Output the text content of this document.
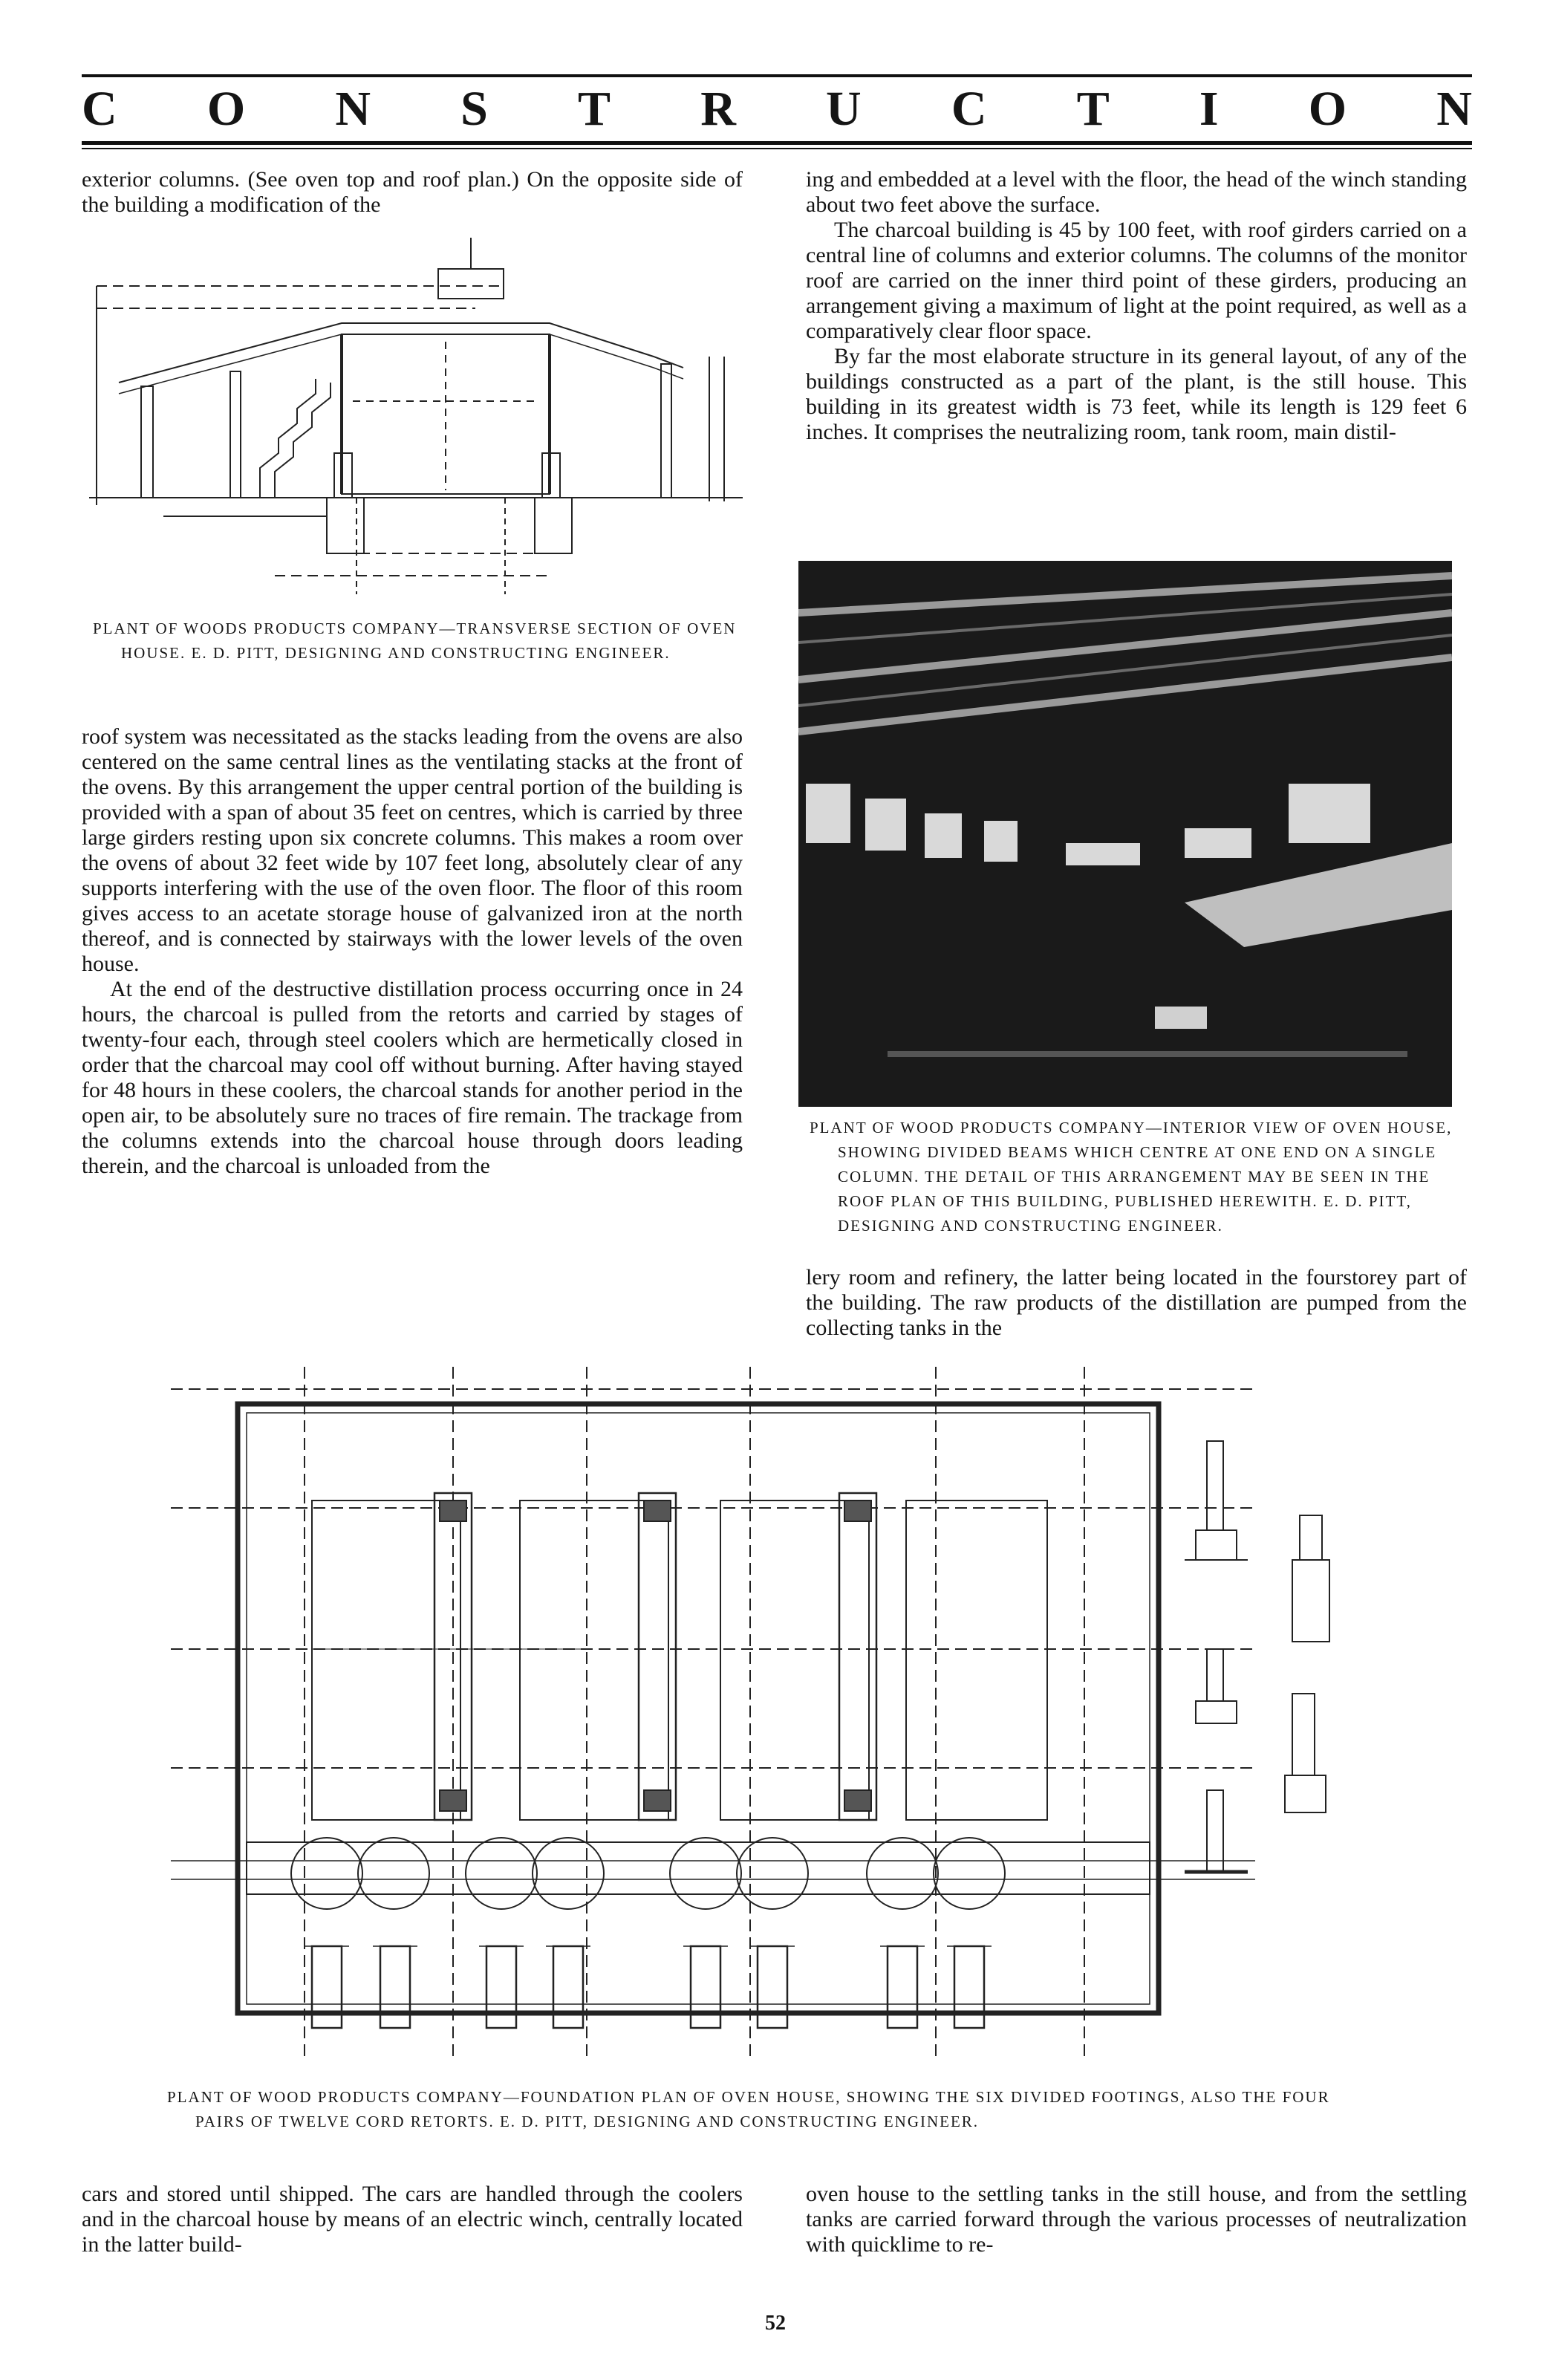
C O N S T R U C T I O N

exterior columns. (See oven top and roof plan.) On the opposite side of the building a modification of the

PLANT OF WOODS PRODUCTS COMPANY—TRANSVERSE SECTION OF OVEN HOUSE. E. D. PITT, DESIGNING AND CONSTRUCTING ENGINEER.

roof system was necessitated as the stacks leading from the ovens are also centered on the same central lines as the ventilating stacks at the front of the ovens. By this arrangement the upper central portion of the building is provided with a span of about 35 feet on centres, which is carried by three large girders resting upon six concrete columns. This makes a room over the ovens of about 32 feet wide by 107 feet long, absolutely clear of any supports interfering with the use of the oven floor. The floor of this room gives access to an acetate storage house of galvanized iron at the north thereof, and is connected by stairways with the lower levels of the oven house.

At the end of the destructive distillation process occurring once in 24 hours, the charcoal is pulled from the retorts and carried by stages of twenty-four each, through steel coolers which are hermetically closed in order that the charcoal may cool off without burning. After having stayed for 48 hours in these coolers, the charcoal stands for another period in the open air, to be absolutely sure no traces of fire remain. The trackage from the columns extends into the charcoal house through doors leading therein, and the charcoal is unloaded from the

ing and embedded at a level with the floor, the head of the winch standing about two feet above the surface.

The charcoal building is 45 by 100 feet, with roof girders carried on a central line of columns and exterior columns. The columns of the monitor roof are carried on the inner third point of these girders, producing an arrangement giving a maximum of light at the point required, as well as a comparatively clear floor space.

By far the most elaborate structure in its general layout, of any of the buildings constructed as a part of the plant, is the still house. This building in its greatest width is 73 feet, while its length is 129 feet 6 inches. It comprises the neutralizing room, tank room, main distil-

PLANT OF WOOD PRODUCTS COMPANY—INTERIOR VIEW OF OVEN HOUSE, SHOWING DIVIDED BEAMS WHICH CENTRE AT ONE END ON A SINGLE COLUMN. THE DETAIL OF THIS ARRANGEMENT MAY BE SEEN IN THE ROOF PLAN OF THIS BUILDING, PUBLISHED HEREWITH. E. D. PITT, DESIGNING AND CONSTRUCTING ENGINEER.

lery room and refinery, the latter being located in the fourstorey part of the building. The raw products of the distillation are pumped from the collecting tanks in the

PLANT OF WOOD PRODUCTS COMPANY—FOUNDATION PLAN OF OVEN HOUSE, SHOWING THE SIX DIVIDED FOOTINGS, ALSO THE FOUR PAIRS OF TWELVE CORD RETORTS. E. D. PITT, DESIGNING AND CONSTRUCTING ENGINEER.

cars and stored until shipped. The cars are handled through the coolers and in the charcoal house by means of an electric winch, centrally located in the latter build-

oven house to the settling tanks in the still house, and from the settling tanks are carried forward through the various processes of neutralization with quicklime to re-

52
